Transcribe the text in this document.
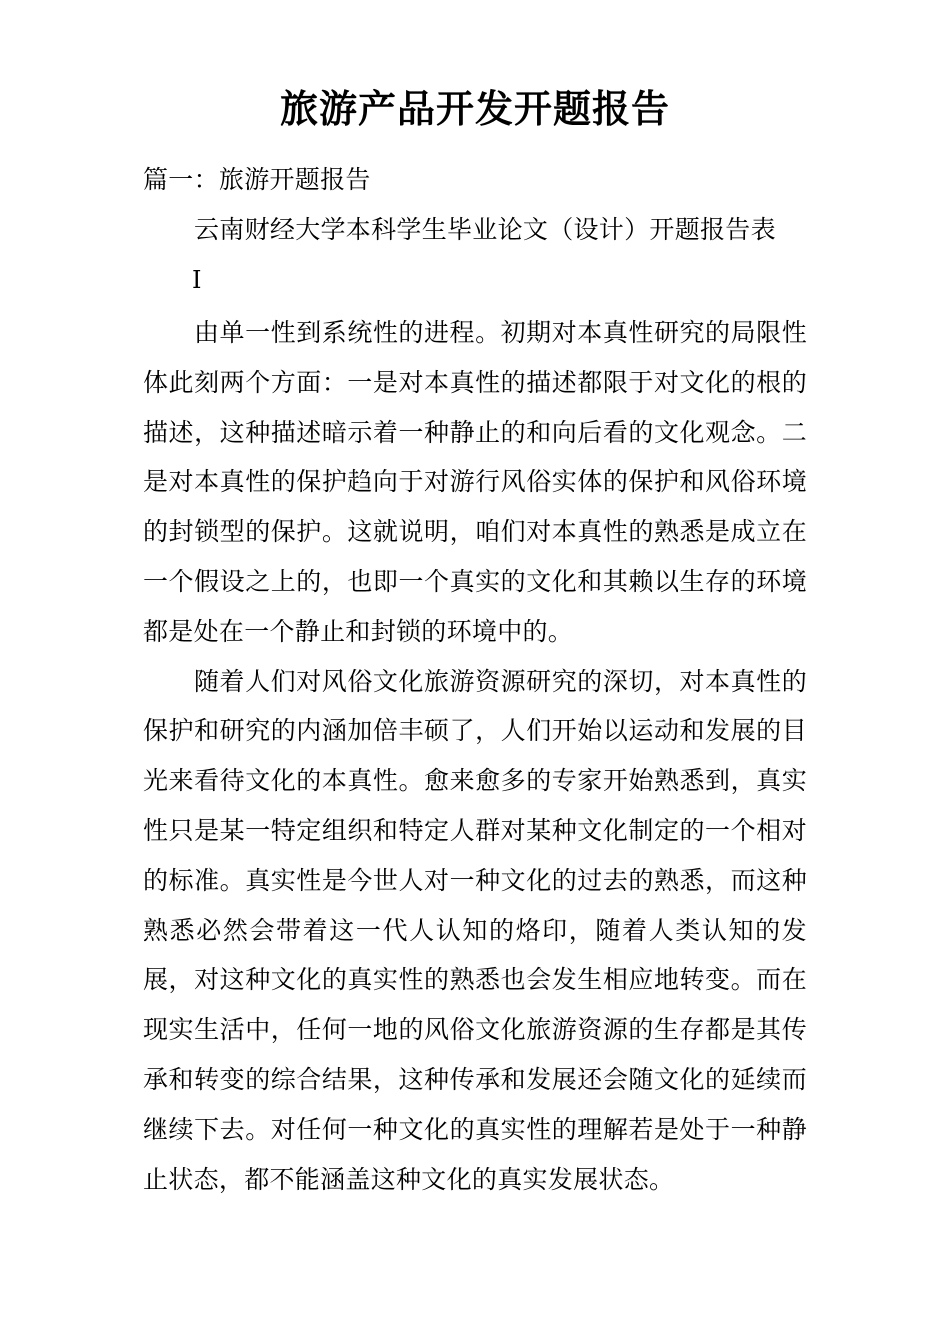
旅游产品开发开题报告
篇一：旅游开题报告
云南财经大学本科学生毕业论文（设计）开题报告表
I

由单一性到系统性的进程。初期对本真性研究的局限性体此刻两个方面：一是对本真性的描述都限于对文化的根的描述，这种描述暗示着一种静止的和向后看的文化观念。二是对本真性的保护趋向于对游行风俗实体的保护和风俗环境的封锁型的保护。这就说明，咱们对本真性的熟悉是成立在一个假设之上的，也即一个真实的文化和其赖以生存的环境都是处在一个静止和封锁的环境中的。

随着人们对风俗文化旅游资源研究的深切，对本真性的保护和研究的内涵加倍丰硕了，人们开始以运动和发展的目光来看待文化的本真性。愈来愈多的专家开始熟悉到，真实性只是某一特定组织和特定人群对某种文化制定的一个相对的标准。真实性是今世人对一种文化的过去的熟悉，而这种熟悉必然会带着这一代人认知的烙印，随着人类认知的发展，对这种文化的真实性的熟悉也会发生相应地转变。而在现实生活中，任何一地的风俗文化旅游资源的生存都是其传承和转变的综合结果，这种传承和发展还会随文化的延续而继续下去。对任何一种文化的真实性的理解若是处于一种静止状态，都不能涵盖这种文化的真实发展状态。
